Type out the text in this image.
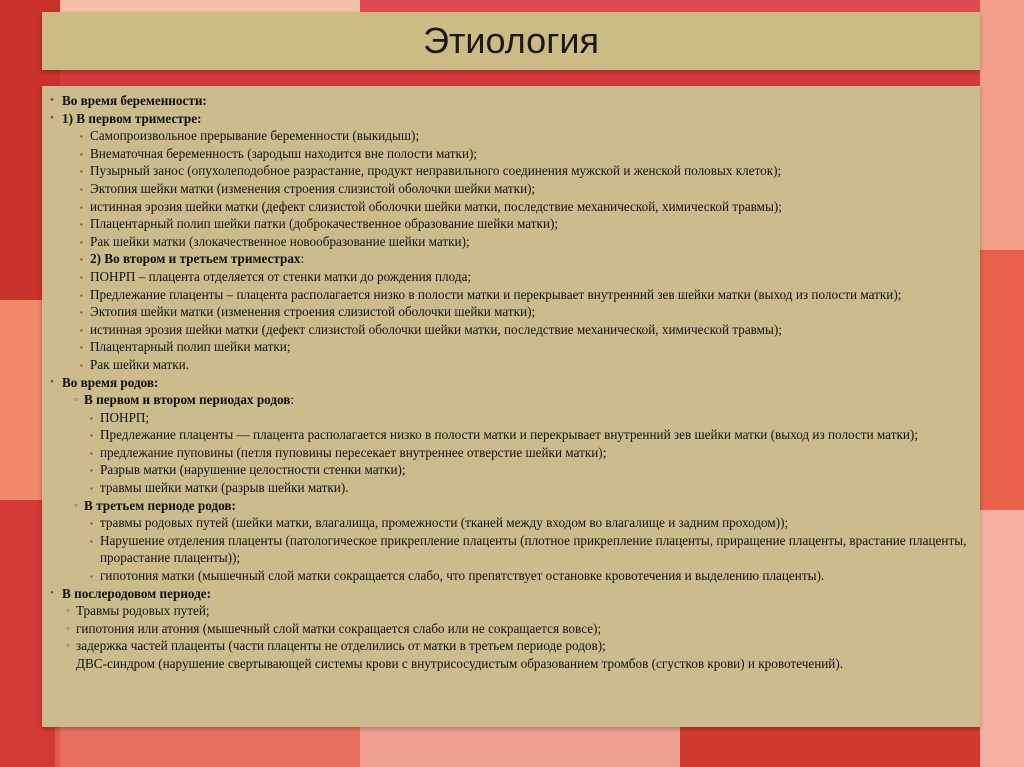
Этиология
• Во время беременности:
• 1) В первом триместре:
▪ Самопроизвольное прерывание беременности (выкидыш);
▪ Внематочная беременность (зародыш находится вне полости матки);
▪ Пузырный занос (опухолеподобное разрастание, продукт неправильного соединения мужской и женской половых клеток);
▪ Эктопия шейки матки (изменения строения слизистой оболочки шейки матки);
▪ истинная эрозия шейки матки (дефект слизистой оболочки шейки матки, последствие механической, химической травмы);
▪ Плацентарный полип шейки патки (доброкачественное образование шейки матки);
▪ Рак шейки матки (злокачественное новообразование шейки матки);
▪ 2) Во втором и третьем триместрах:
▪ ПОНРП – плацента отделяется от стенки матки до рождения плода;
▪ Предлежание плаценты – плацента располагается низко в полости матки и перекрывает внутренний зев шейки матки (выход из полости матки);
▪ Эктопия шейки матки (изменения строения слизистой оболочки шейки матки);
▪ истинная эрозия шейки матки (дефект слизистой оболочки шейки матки, последствие механической, химической травмы);
▪ Плацентарный полип шейки матки;
▪ Рак шейки матки.
• Во время родов:
◦ В первом и втором периодах родов:
▪ ПОНРП;
▪ Предлежание плаценты — плацента располагается низко в полости матки и перекрывает внутренний зев шейки матки (выход из полости матки);
▪ предлежание пуповины (петля пуповины пересекает внутреннее отверстие шейки матки);
▪ Разрыв матки (нарушение целостности стенки матки);
▪ травмы шейки матки (разрыв шейки матки).
◦ В третьем периоде родов:
▪ травмы родовых путей (шейки матки, влагалища, промежности (тканей между входом во влагалище и задним проходом));
▪ Нарушение отделения плаценты (патологическое прикрепление плаценты (плотное прикрепление плаценты, приращение плаценты, врастание плаценты, прорастание плаценты));
▪ гипотония матки (мышечный слой матки сокращается слабо, что препятствует остановке кровотечения и выделению плаценты).
• В послеродовом периоде:
◦ Травмы родовых путей;
◦ гипотония или атония (мышечный слой матки сокращается слабо или не сокращается вовсе);
◦ задержка частей плаценты (части плаценты не отделились от матки в третьем периоде родов);
ДВС-синдром (нарушение свертывающей системы крови с внутрисосудистым образованием тромбов (сгустков крови) и кровотечений).
